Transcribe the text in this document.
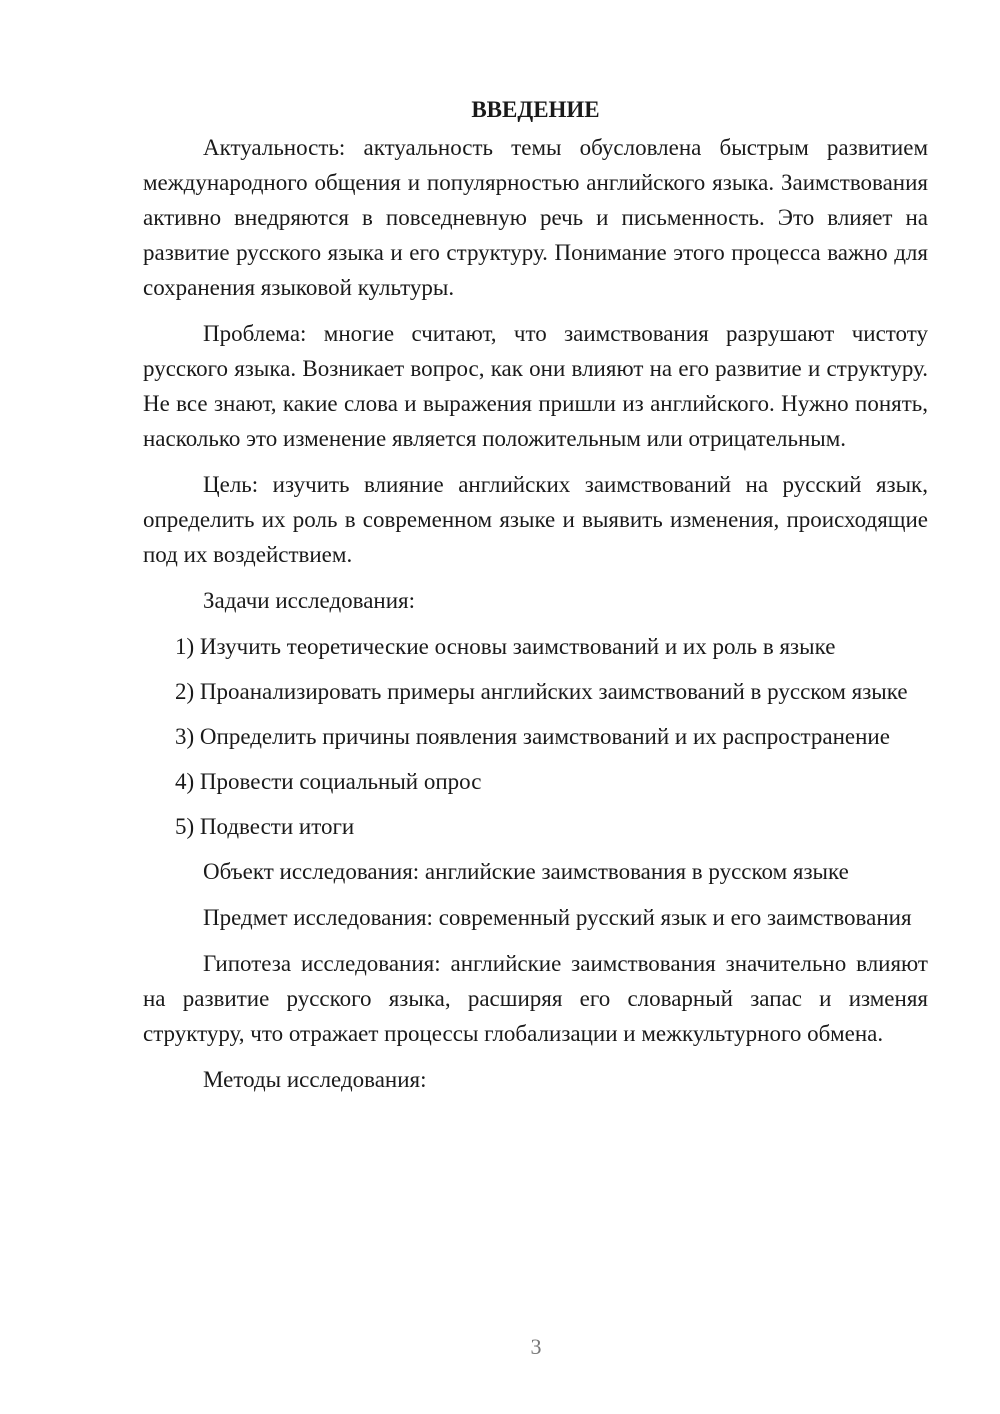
ВВЕДЕНИЕ

Актуальность: актуальность темы обусловлена быстрым развитием международного общения и популярностью английского языка. Заимствования активно внедряются в повседневную речь и письменность. Это влияет на развитие русского языка и его структуру. Понимание этого процесса важно для сохранения языковой культуры.

Проблема: многие считают, что заимствования разрушают чистоту русского языка. Возникает вопрос, как они влияют на его развитие и структуру. Не все знают, какие слова и выражения пришли из английского. Нужно понять, насколько это изменение является положительным или отрицательным.

Цель: изучить влияние английских заимствований на русский язык, определить их роль в современном языке и выявить изменения, происходящие под их воздействием.

Задачи исследования:

1) Изучить теоретические основы заимствований и их роль в языке

2) Проанализировать примеры английских заимствований в русском языке

3) Определить причины появления заимствований и их распространение

4) Провести социальный опрос

5) Подвести итоги

Объект исследования: английские заимствования в русском языке

Предмет исследования: современный русский язык и его заимствования

Гипотеза исследования: английские заимствования значительно влияют на развитие русского языка, расширяя его словарный запас и изменяя структуру, что отражает процессы глобализации и межкультурного обмена.

Методы исследования:

3
